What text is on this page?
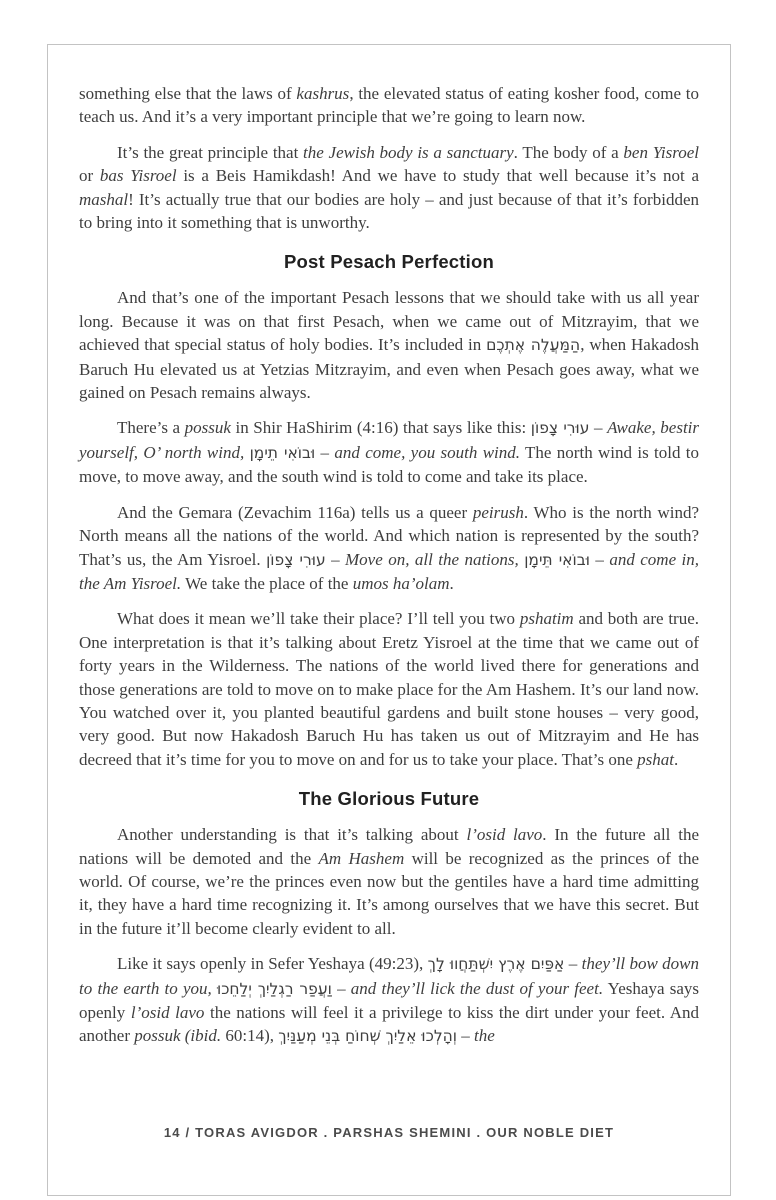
something else that the laws of kashrus, the elevated status of eating kosher food, come to teach us. And it’s a very important principle that we’re going to learn now.

It’s the great principle that the Jewish body is a sanctuary. The body of a ben Yisroel or bas Yisroel is a Beis Hamikdash! And we have to study that well because it’s not a mashal! It’s actually true that our bodies are holy – and just because of that it’s forbidden to bring into it something that is unworthy.

Post Pesach Perfection

And that’s one of the important Pesach lessons that we should take with us all year long. Because it was on that first Pesach, when we came out of Mitzrayim, that we achieved that special status of holy bodies. It’s included in הַמַּעֲלֶה אֶתְכֶם, when Hakadosh Baruch Hu elevated us at Yetzias Mitzrayim, and even when Pesach goes away, what we gained on Pesach remains always.

There’s a possuk in Shir HaShirim (4:16) that says like this: עוּרִי צָפוֹן – Awake, bestir yourself, O’ north wind, וּבוֹאִי תֵימָן – and come, you south wind. The north wind is told to move, to move away, and the south wind is told to come and take its place.

And the Gemara (Zevachim 116a) tells us a queer peirush. Who is the north wind? North means all the nations of the world. And which nation is represented by the south? That’s us, the Am Yisroel. עוּרִי צָפוֹן – Move on, all the nations, וּבוֹאִי תֵּימָן – and come in, the Am Yisroel. We take the place of the umos ha’olam.

What does it mean we’ll take their place? I’ll tell you two pshatim and both are true. One interpretation is that it’s talking about Eretz Yisroel at the time that we came out of forty years in the Wilderness. The nations of the world lived there for generations and those generations are told to move on to make place for the Am Hashem. It’s our land now. You watched over it, you planted beautiful gardens and built stone houses – very good, very good. But now Hakadosh Baruch Hu has taken us out of Mitzrayim and He has decreed that it’s time for you to move on and for us to take your place. That’s one pshat.

The Glorious Future

Another understanding is that it’s talking about l’osid lavo. In the future all the nations will be demoted and the Am Hashem will be recognized as the princes of the world. Of course, we’re the princes even now but the gentiles have a hard time admitting it, they have a hard time recognizing it. It’s among ourselves that we have this secret. But in the future it’ll become clearly evident to all.

Like it says openly in Sefer Yeshaya (49:23), אַפַּיִם אֶרֶץ יִשְׁתַּחֲווּ לָךְ – they’ll bow down to the earth to you, וַעֲפַר רַגְלַיִךְ יְלַחֵכוּ – and they’ll lick the dust of your feet. Yeshaya says openly l’osid lavo the nations will feel it a privilege to kiss the dirt under your feet. And another possuk (ibid. 60:14), וְהָלְכוּ אֵלַיִךְ שְׁחוֹחַ בְּנֵי מְעַנַּיִךְ – the

14 / TORAS AVIGDOR . PARSHAS SHEMINI . OUR NOBLE DIET
